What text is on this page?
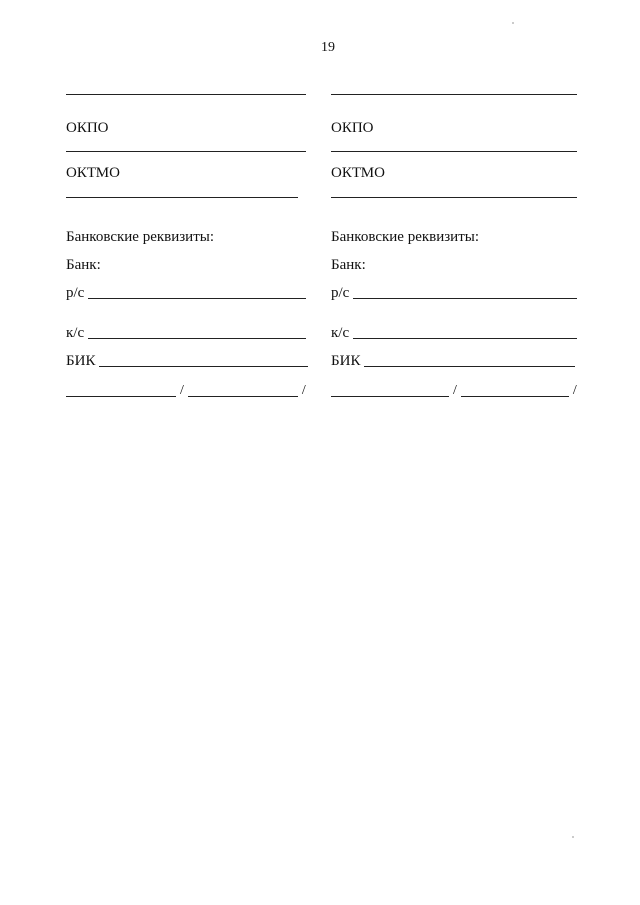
19
ОКПО
ОКТМО
Банковские реквизиты:
Банк:
р/с
к/с
БИК
/	/
ОКПО
ОКТМО
Банковские реквизиты:
Банк:
р/с
к/с
БИК
/	/
